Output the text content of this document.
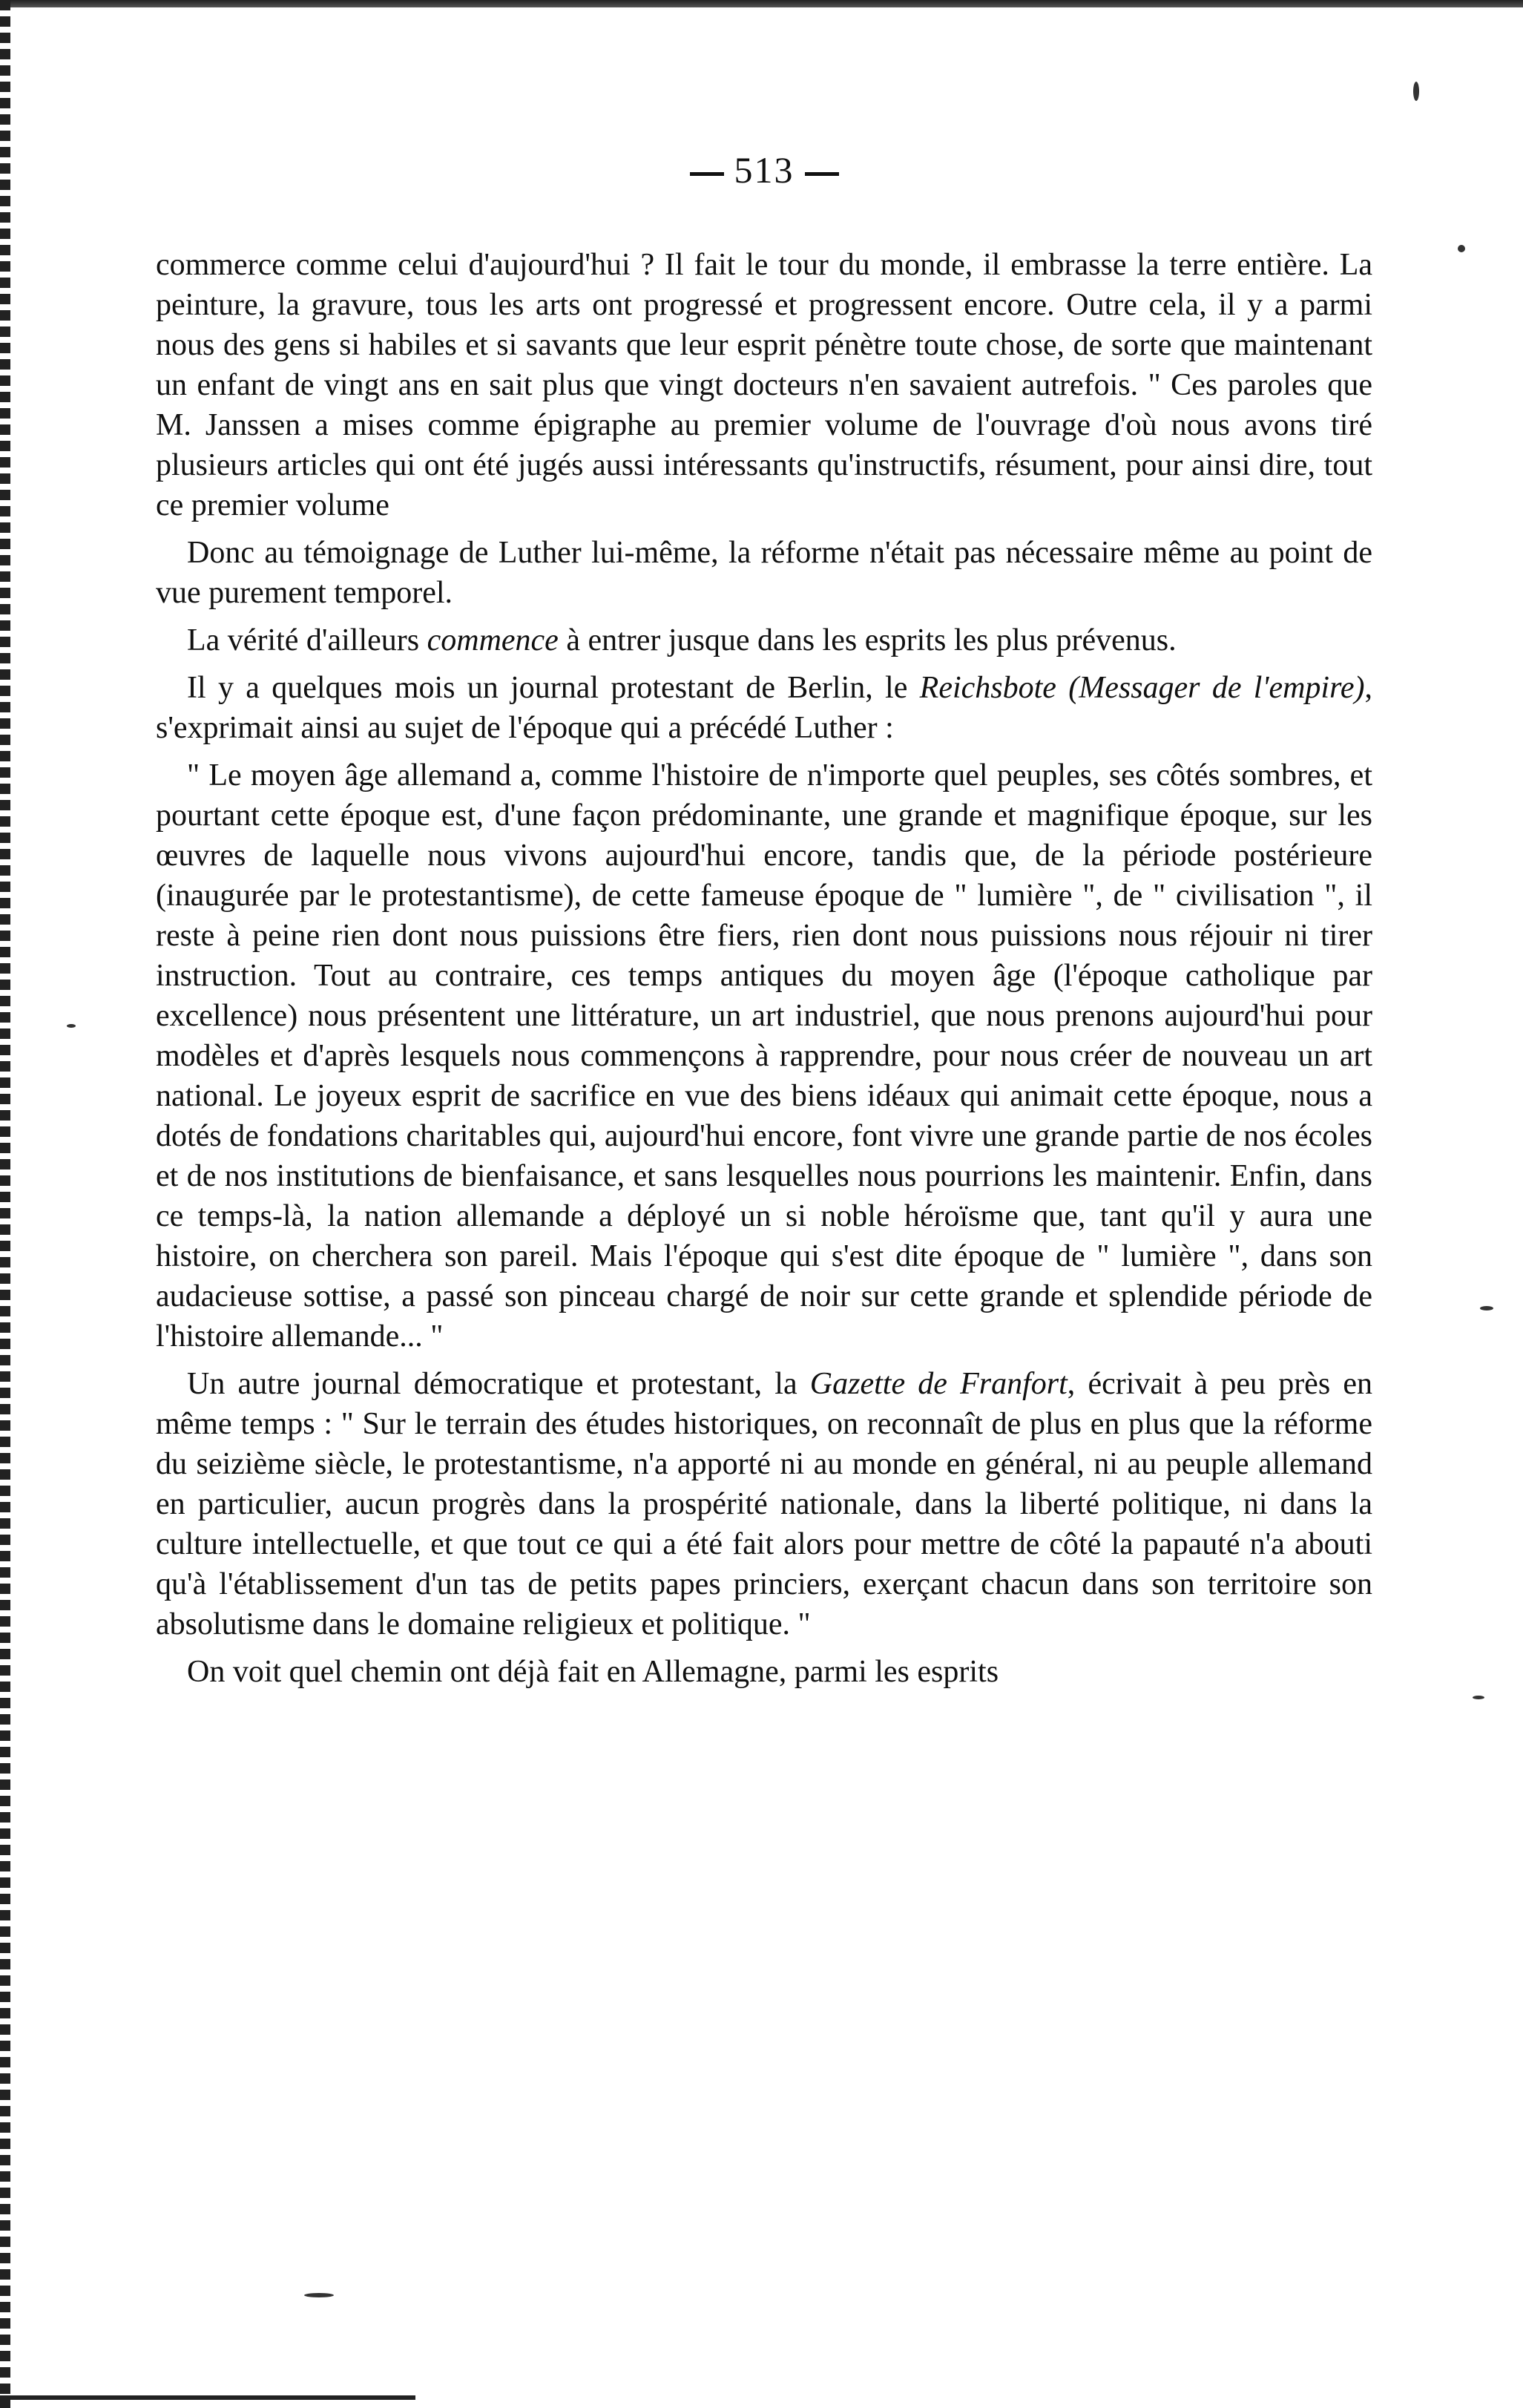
513

commerce comme celui d'aujourd'hui ? Il fait le tour du monde, il embrasse la terre entière. La peinture, la gravure, tous les arts ont progressé et progressent encore. Outre cela, il y a parmi nous des gens si habiles et si savants que leur esprit pénètre toute chose, de sorte que maintenant un enfant de vingt ans en sait plus que vingt docteurs n'en savaient autrefois. " Ces paroles que M. Janssen a mises comme épigraphe au premier volume de l'ouvrage d'où nous avons tiré plusieurs articles qui ont été jugés aussi intéressants qu'instructifs, résument, pour ainsi dire, tout ce premier volume

Donc au témoignage de Luther lui-même, la réforme n'était pas nécessaire même au point de vue purement temporel.

La vérité d'ailleurs commence à entrer jusque dans les esprits les plus prévenus.

Il y a quelques mois un journal protestant de Berlin, le Reichsbote (Messager de l'empire), s'exprimait ainsi au sujet de l'époque qui a précédé Luther :

" Le moyen âge allemand a, comme l'histoire de n'importe quel peuples, ses côtés sombres, et pourtant cette époque est, d'une façon prédominante, une grande et magnifique époque, sur les œuvres de laquelle nous vivons aujourd'hui encore, tandis que, de la période postérieure (inaugurée par le protestantisme), de cette fameuse époque de " lumière ", de " civilisation ", il reste à peine rien dont nous puissions être fiers, rien dont nous puissions nous réjouir ni tirer instruction. Tout au contraire, ces temps antiques du moyen âge (l'époque catholique par excellence) nous présentent une littérature, un art industriel, que nous prenons aujourd'hui pour modèles et d'après lesquels nous commençons à rapprendre, pour nous créer de nouveau un art national. Le joyeux esprit de sacrifice en vue des biens idéaux qui animait cette époque, nous a dotés de fondations charitables qui, aujourd'hui encore, font vivre une grande partie de nos écoles et de nos institutions de bienfaisance, et sans lesquelles nous pourrions les maintenir. Enfin, dans ce temps-là, la nation allemande a déployé un si noble héroïsme que, tant qu'il y aura une histoire, on cherchera son pareil. Mais l'époque qui s'est dite époque de " lumière ", dans son audacieuse sottise, a passé son pinceau chargé de noir sur cette grande et splendide période de l'histoire allemande... "

Un autre journal démocratique et protestant, la Gazette de Franfort, écrivait à peu près en même temps : " Sur le terrain des études historiques, on reconnaît de plus en plus que la réforme du seizième siècle, le protestantisme, n'a apporté ni au monde en général, ni au peuple allemand en particulier, aucun progrès dans la prospérité nationale, dans la liberté politique, ni dans la culture intellectuelle, et que tout ce qui a été fait alors pour mettre de côté la papauté n'a abouti qu'à l'établissement d'un tas de petits papes princiers, exerçant chacun dans son territoire son absolutisme dans le domaine religieux et politique. "

On voit quel chemin ont déjà fait en Allemagne, parmi les esprits
